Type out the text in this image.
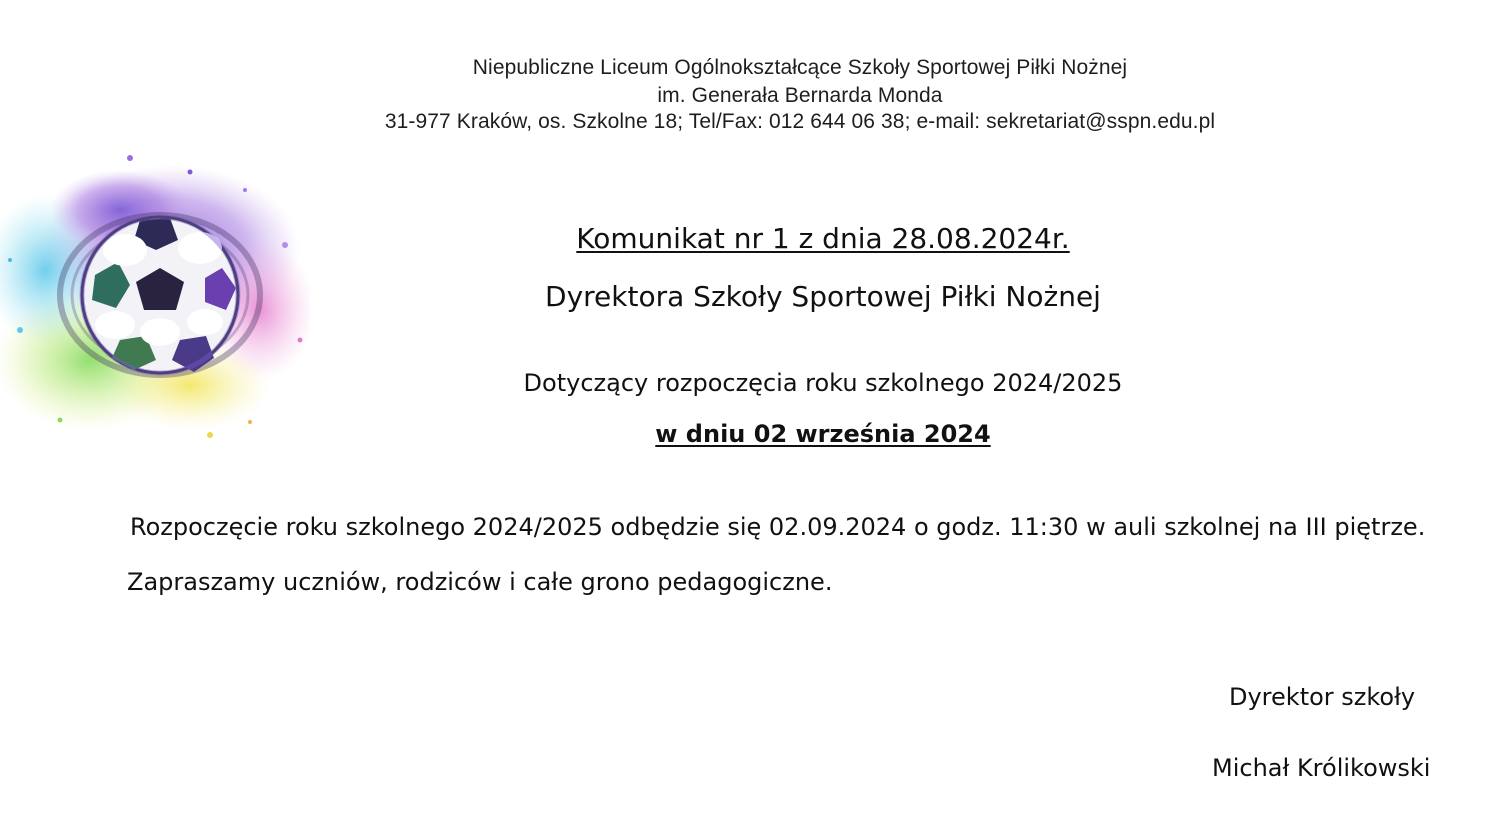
Niepubliczne Liceum Ogólnokształcące Szkoły Sportowej Piłki Nożnej
im. Generała Bernarda Monda
31-977 Kraków, os. Szkolne 18; Tel/Fax: 012 644 06 38; e-mail: sekretariat@sspn.edu.pl
Komunikat nr 1 z dnia 28.08.2024r.
Dyrektora Szkoły Sportowej Piłki Nożnej
Dotyczący rozpoczęcia roku szkolnego 2024/2025
w dniu 02 września 2024
Rozpoczęcie roku szkolnego 2024/2025 odbędzie się 02.09.2024 o godz. 11:30 w auli szkolnej na III piętrze.
Zapraszamy uczniów, rodziców i całe grono pedagogiczne.
Dyrektor szkoły
Michał Królikowski
